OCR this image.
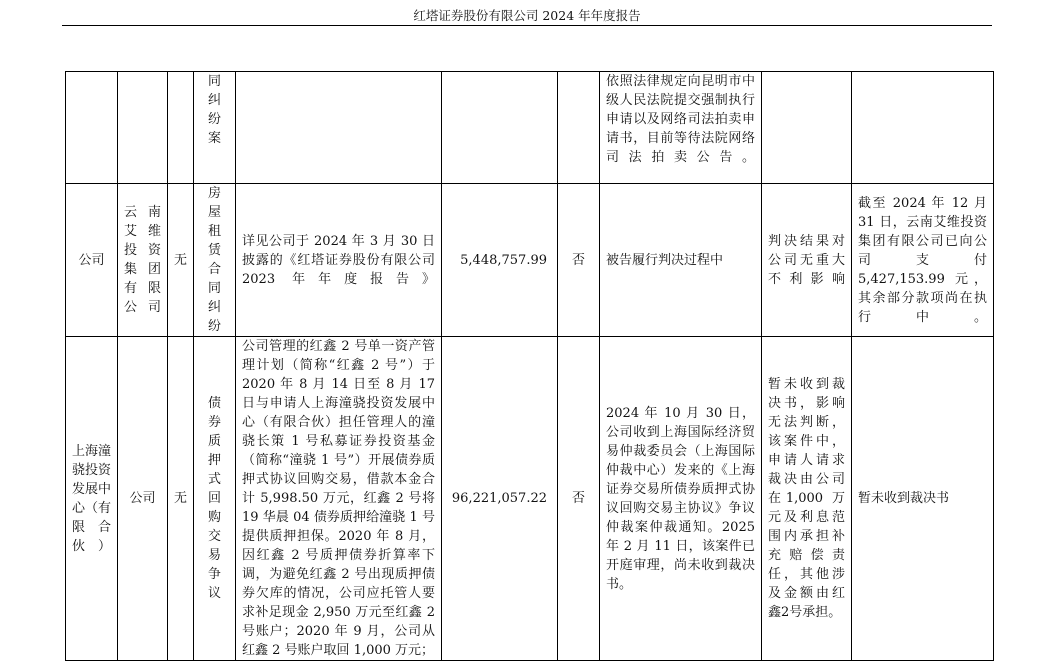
红塔证券股份有限公司 2024 年年度报告

			同纠纷案				依照法律规定向昆明市中级人民法院提交强制执行申请以及网络司法拍卖申请书，目前等待法院网络司法拍卖公告。		
公司	云南艾维投资集团有限公司	无	房屋租赁合同纠纷	详见公司于 2024 年 3 月 30 日披露的《红塔证券股份有限公司 2023 年年度报告》	5,448,757.99	否	被告履行判决过程中	判决结果对公司无重大不利影响	截至 2024 年 12 月 31 日，云南艾维投资集团有限公司已向公司支付 5,427,153.99 元，其余部分款项尚在执行中。
上海潼骁投资发展中心（有限合伙）	公司	无	债券质押式回购交易争议	公司管理的红鑫 2 号单一资产管理计划（简称“红鑫 2 号”）于 2020 年 8 月 14 日至 8 月 17 日与申请人上海潼骁投资发展中心（有限合伙）担任管理人的潼骁长策 1 号私募证券投资基金（简称“潼骁 1 号”）开展债券质押式协议回购交易，借款本金合计 5,998.50 万元，红鑫 2 号将 19 华晨 04 债券质押给潼骁 1 号提供质押担保。2020 年 8 月，因红鑫 2 号质押债券折算率下调，为避免红鑫 2 号出现质押债券欠库的情况，公司应托管人要求补足现金 2,950 万元至红鑫 2 号账户；2020 年 9 月，公司从红鑫 2 号账户取回 1,000 万元；	96,221,057.22	否	2024 年 10 月 30 日，公司收到上海国际经济贸易仲裁委员会（上海国际仲裁中心）发来的《上海证券交易所债券质押式协议回购交易主协议》争议仲裁案仲裁通知。2025 年 2 月 11 日，该案件已开庭审理，尚未收到裁决书。	暂未收到裁决书，影响无法判断，该案件中，申请人请求裁决由公司在1,000 万元及利息范围内承担补充赔偿责任，其他涉及金额由红鑫2号承担。	暂未收到裁决书
